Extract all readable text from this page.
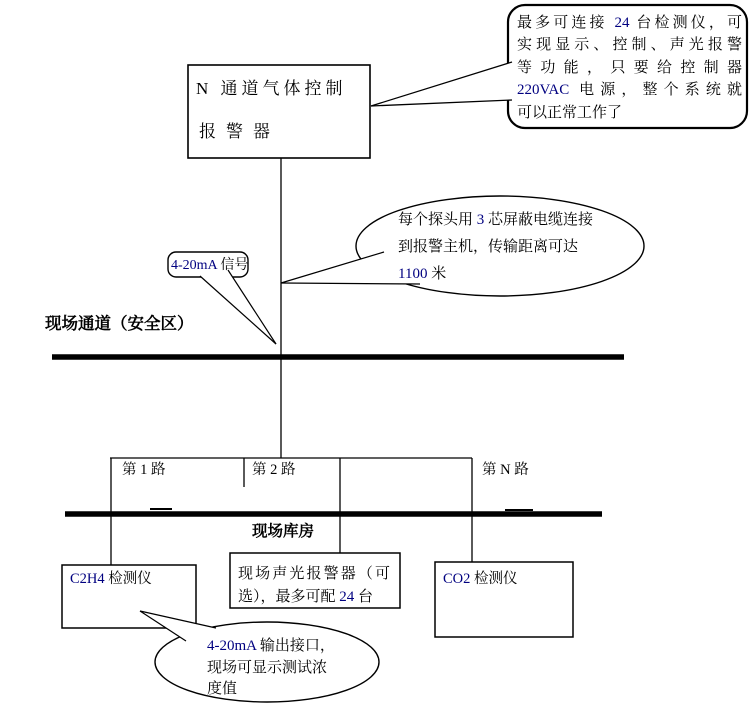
N 通道气体控制
报警器
最多可连接 24 台检测仪，可
实现显示、控制、声光报警
等功能，只要给控制器
220VAC 电源，整个系统就
可以正常工作了
每个探头用 3 芯屏蔽电缆连接
到报警主机，传输距离可达
1100 米
4-20mA 信号
现场通道（安全区）
现场库房
第 1 路	第 2 路	第 N 路
C2H4 检测仪	CO2 检测仪
现场声光报警器（可
选），最多可配 24 台
4-20mA 输出接口，
现场可显示测试浓
度值
